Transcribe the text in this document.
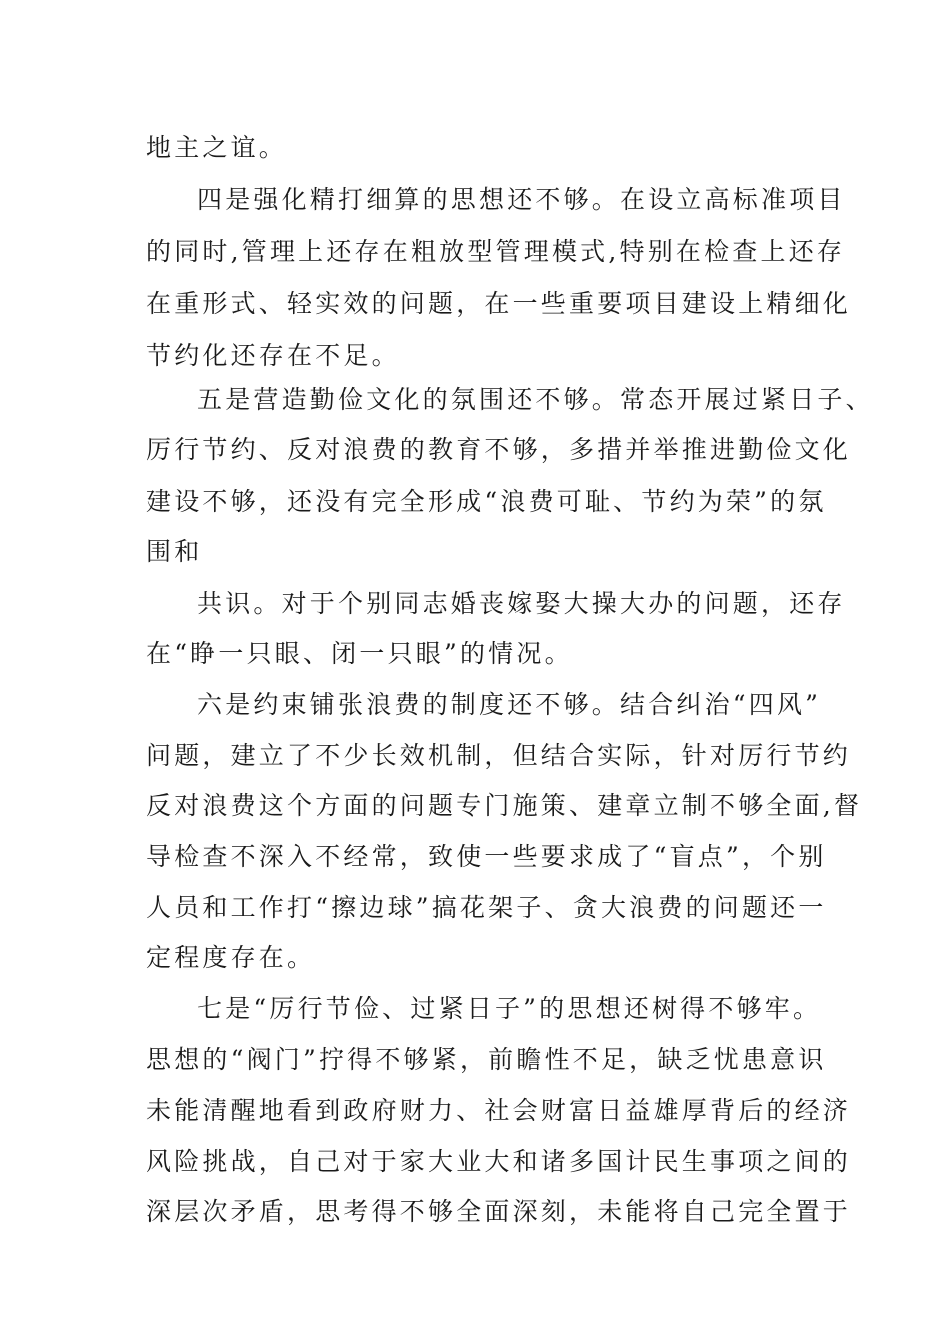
地主之谊。
四是强化精打细算的思想还不够。在设立高标准项目
的同时,管理上还存在粗放型管理模式,特别在检查上还存
在重形式、轻实效的问题，在一些重要项目建设上精细化
节约化还存在不足。
五是营造勤俭文化的氛围还不够。常态开展过紧日子、
厉行节约、反对浪费的教育不够，多措并举推进勤俭文化
建设不够，还没有完全形成“浪费可耻、节约为荣”的氛
围和
共识。对于个别同志婚丧嫁娶大操大办的问题，还存
在“睁一只眼、闭一只眼”的情况。
六是约束铺张浪费的制度还不够。结合纠治“四风”
问题，建立了不少长效机制，但结合实际，针对厉行节约
反对浪费这个方面的问题专门施策、建章立制不够全面,督
导检查不深入不经常，致使一些要求成了“盲点”，个别
人员和工作打“擦边球”搞花架子、贪大浪费的问题还一
定程度存在。
七是“厉行节俭、过紧日子”的思想还树得不够牢。
思想的“阀门”拧得不够紧，前瞻性不足，缺乏忧患意识
未能清醒地看到政府财力、社会财富日益雄厚背后的经济
风险挑战，自己对于家大业大和诸多国计民生事项之间的
深层次矛盾，思考得不够全面深刻，未能将自己完全置于
